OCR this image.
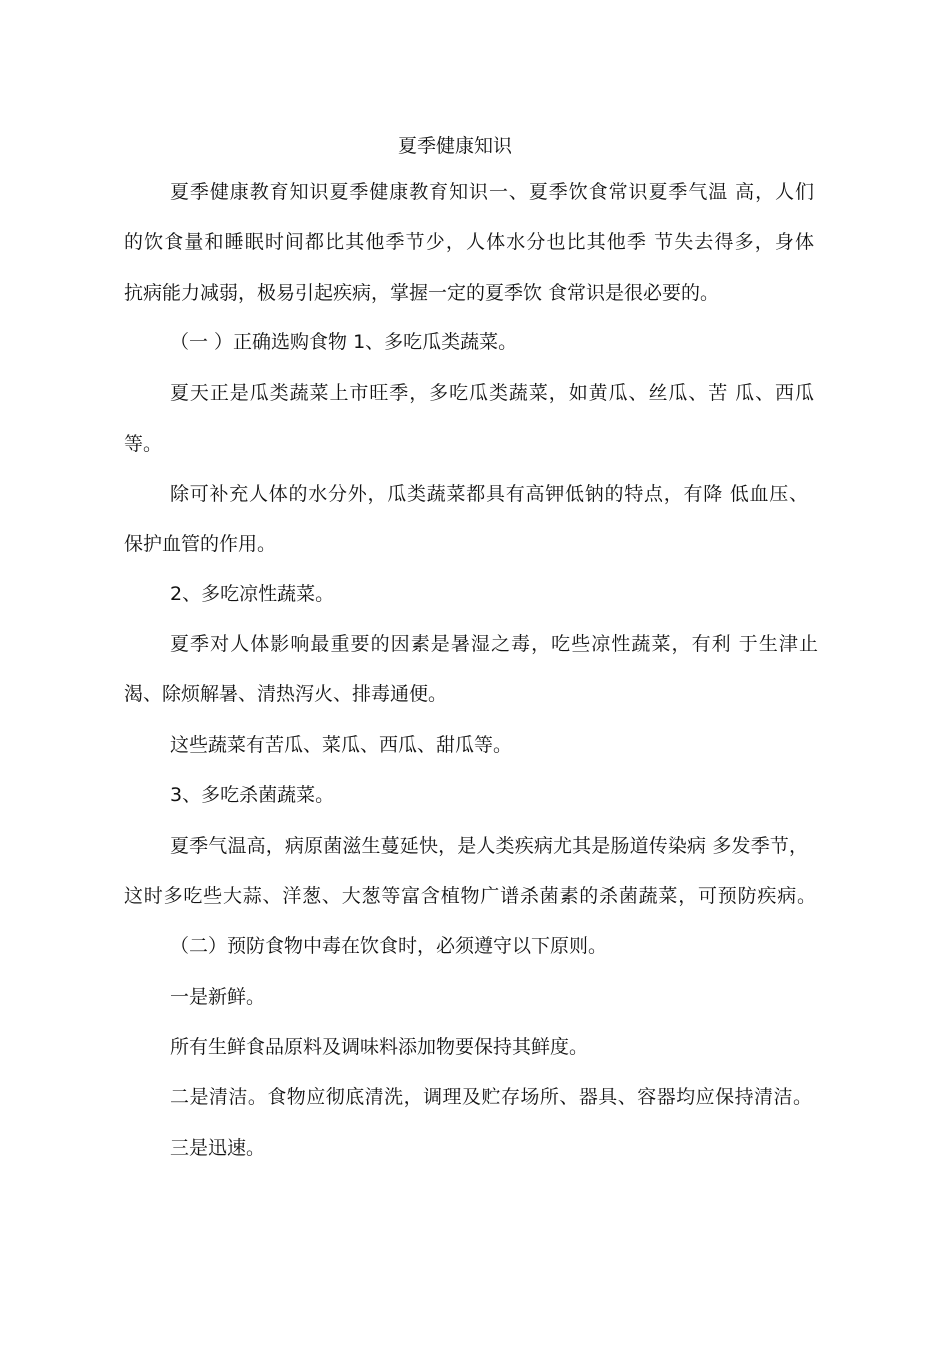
夏季健康知识
夏季健康教育知识夏季健康教育知识一、夏季饮食常识夏季气温 高，人们
的饮食量和睡眠时间都比其他季节少，人体水分也比其他季 节失去得多，身体
抗病能力减弱，极易引起疾病，掌握一定的夏季饮 食常识是很必要的。
（一 ）正确选购食物 1、多吃瓜类蔬菜。
夏天正是瓜类蔬菜上市旺季，多吃瓜类蔬菜，如黄瓜、丝瓜、苦 瓜、西瓜
等。
除可补充人体的水分外，瓜类蔬菜都具有高钾低钠的特点，有降 低血压、
保护血管的作用。
2、多吃凉性蔬菜。
夏季对人体影响最重要的因素是暑湿之毒，吃些凉性蔬菜，有利 于生津止
渴、除烦解暑、清热泻火、排毒通便。
这些蔬菜有苦瓜、菜瓜、西瓜、甜瓜等。
3、多吃杀菌蔬菜。
夏季气温高，病原菌滋生蔓延快，是人类疾病尤其是肠道传染病 多发季节，
这时多吃些大蒜、洋葱、大葱等富含植物广谱杀菌素的杀菌蔬菜，可预防疾病。
（二）预防食物中毒在饮食时，必须遵守以下原则。
一是新鲜。
所有生鲜食品原料及调味料添加物要保持其鲜度。
二是清洁。食物应彻底清洗，调理及贮存场所、器具、容器均应保持清洁。
三是迅速。
